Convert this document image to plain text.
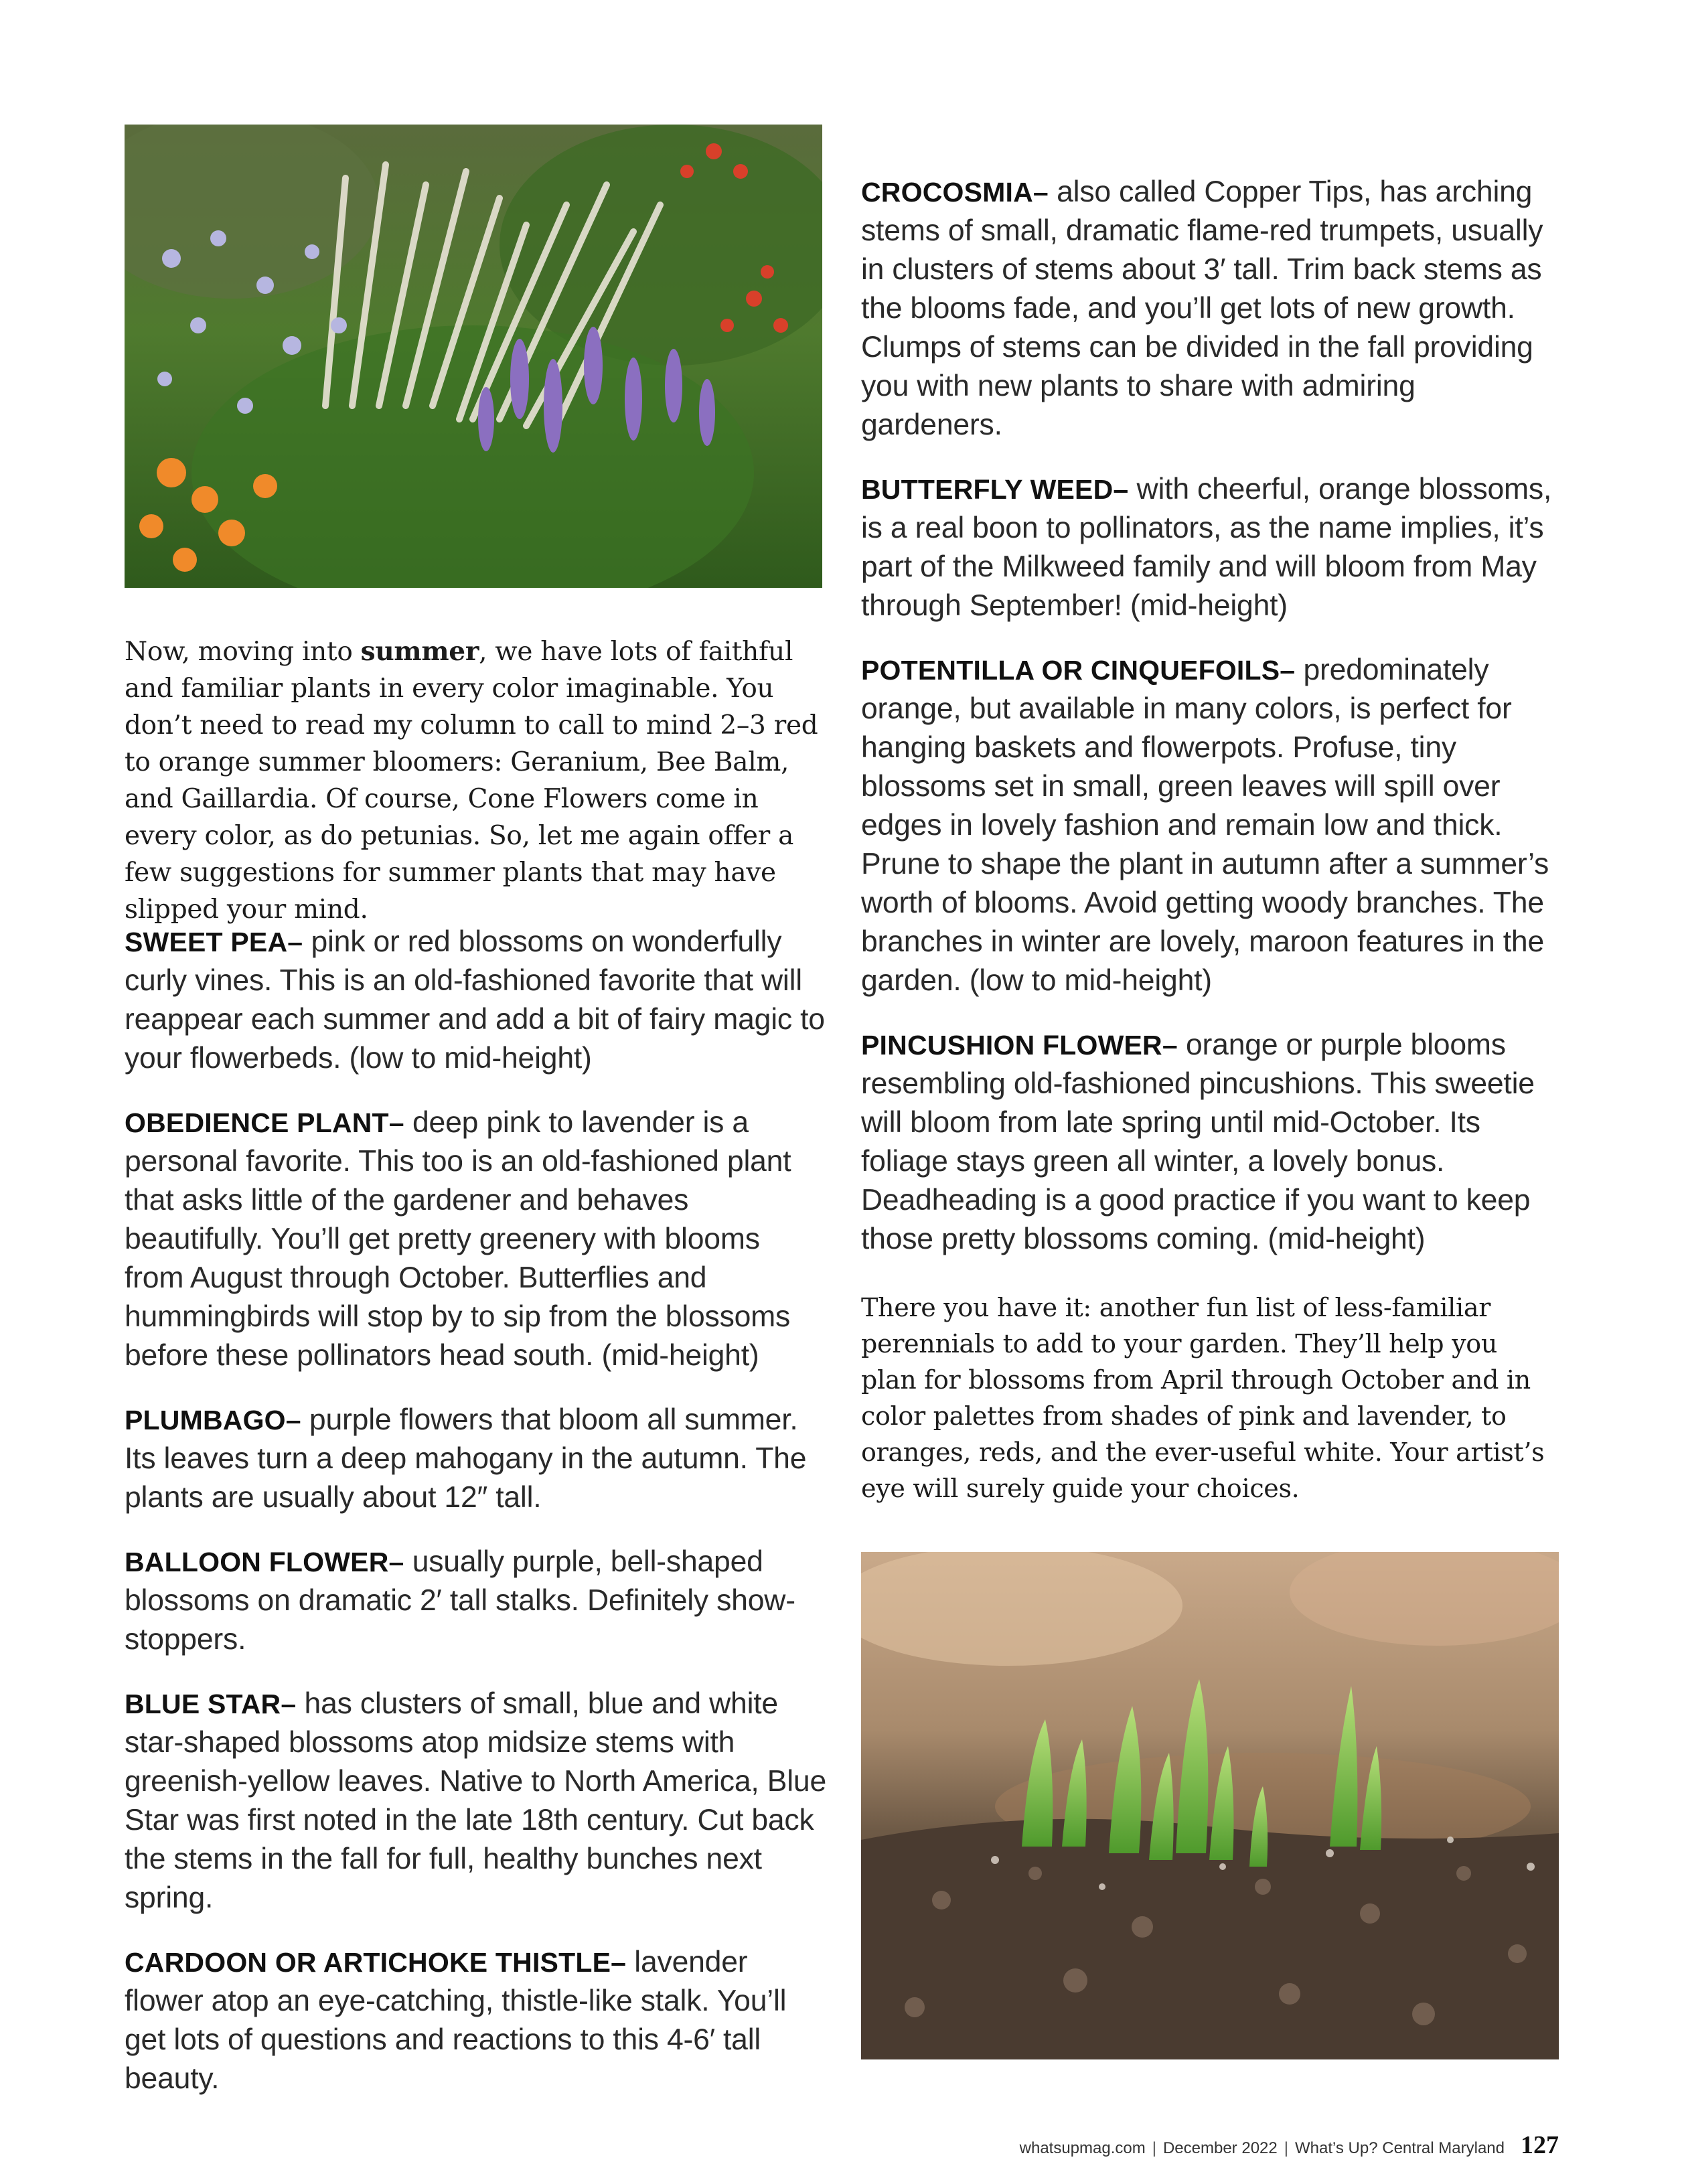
Now, moving into summer, we have lots of faithful and familiar plants in every color imaginable. You don’t need to read my column to call to mind 2–3 red to orange summer bloomers: Geranium, Bee Balm, and Gaillardia. Of course, Cone Flowers come in every color, as do petunias. So, let me again offer a few suggestions for summer plants that may have slipped your mind.

SWEET PEA– pink or red blossoms on wonderfully curly vines. This is an old-fashioned favorite that will reappear each summer and add a bit of fairy magic to your flowerbeds. (low to mid-height)

OBEDIENCE PLANT– deep pink to lavender is a personal favorite. This too is an old-fashioned plant that asks little of the gardener and behaves beautifully. You’ll get pretty greenery with blooms from August through October. Butterflies and hummingbirds will stop by to sip from the blossoms before these pollinators head south. (mid-height)

PLUMBAGO– purple flowers that bloom all summer. Its leaves turn a deep mahogany in the autumn. The plants are usually about 12″ tall.

BALLOON FLOWER– usually purple, bell-shaped blossoms on dramatic 2′ tall stalks. Definitely show-stoppers.

BLUE STAR– has clusters of small, blue and white star-shaped blossoms atop midsize stems with greenish-yellow leaves. Native to North America, Blue Star was first noted in the late 18th century. Cut back the stems in the fall for full, healthy bunches next spring.

CARDOON OR ARTICHOKE THISTLE– lavender flower atop an eye-catching, thistle-like stalk. You’ll get lots of questions and reactions to this 4-6′ tall beauty.

CROCOSMIA– also called Copper Tips, has arching stems of small, dramatic flame-red trumpets, usually in clusters of stems about 3′ tall. Trim back stems as the blooms fade, and you’ll get lots of new growth. Clumps of stems can be divided in the fall providing you with new plants to share with admiring gardeners.

BUTTERFLY WEED– with cheerful, orange blossoms, is a real boon to pollinators, as the name implies, it’s part of the Milkweed family and will bloom from May through September! (mid-height)

POTENTILLA OR CINQUEFOILS– predominately orange, but available in many colors, is perfect for hanging baskets and flowerpots. Profuse, tiny blossoms set in small, green leaves will spill over edges in lovely fashion and remain low and thick. Prune to shape the plant in autumn after a summer’s worth of blooms. Avoid getting woody branches. The branches in winter are lovely, maroon features in the garden. (low to mid-height)

PINCUSHION FLOWER– orange or purple blooms resembling old-fashioned pincushions. This sweetie will bloom from late spring until mid-October. Its foliage stays green all winter, a lovely bonus. Deadheading is a good practice if you want to keep those pretty blossoms coming. (mid-height)

There you have it: another fun list of less-familiar perennials to add to your garden. They’ll help you plan for blossoms from April through October and in color palettes from shades of pink and lavender, to oranges, reds, and the ever-useful white. Your artist’s eye will surely guide your choices.

whatsupmag.com | December 2022 | What’s Up? Central Maryland 127
